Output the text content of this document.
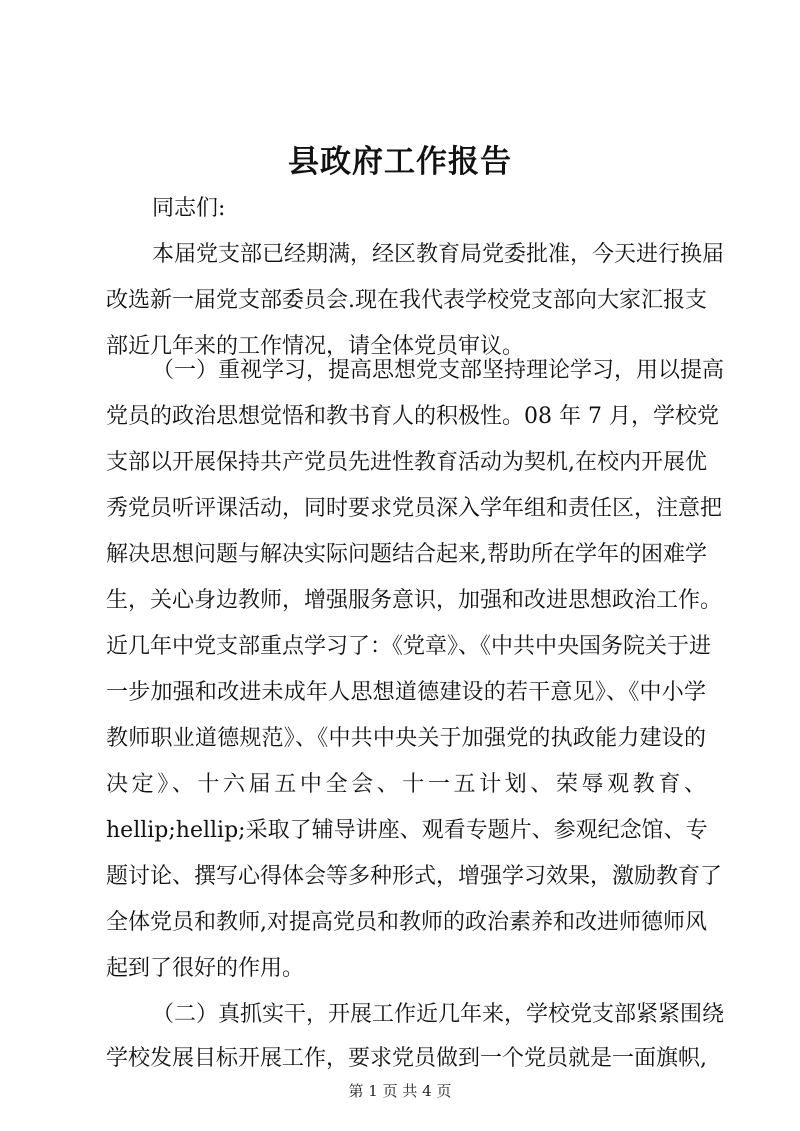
县政府工作报告
同志们:
本届党支部已经期满，经区教育局党委批准，今天进行换届
改选新一届党支部委员会.现在我代表学校党支部向大家汇报支
部近几年来的工作情况，请全体党员审议。
（一）重视学习，提高思想党支部坚持理论学习，用以提高
党员的政治思想觉悟和教书育人的积极性。08 年 7 月，学校党
支部以开展保持共产党员先进性教育活动为契机,在校内开展优
秀党员听评课活动，同时要求党员深入学年组和责任区，注意把
解决思想问题与解决实际问题结合起来,帮助所在学年的困难学
生，关心身边教师，增强服务意识，加强和改进思想政治工作。
近几年中党支部重点学习了：《党章》、《中共中央国务院关于进
一步加强和改进未成年人思想道德建设的若干意见》、《中小学
教师职业道德规范》、《中共中央关于加强党的执政能力建设的
决定》、十六届五中全会、十一五计划、荣辱观教育、
hellip;hellip;采取了辅导讲座、观看专题片、参观纪念馆、专
题讨论、撰写心得体会等多种形式，增强学习效果，激励教育了
全体党员和教师,对提高党员和教师的政治素养和改进师德师风
起到了很好的作用。
（二）真抓实干，开展工作近几年来，学校党支部紧紧围绕
学校发展目标开展工作，要求党员做到一个党员就是一面旗帜,
第 1 页 共 4 页
